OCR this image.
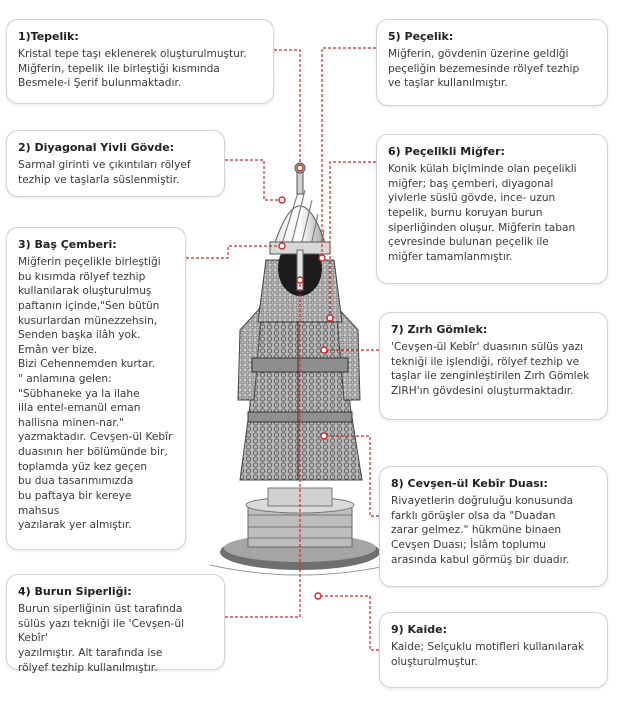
1)Tepelik:
Kristal tepe taşı eklenerek oluşturulmuştur.
Miğferin, tepelik ile birleştiği kısmında
Besmele-i Şerif bulunmaktadır.
2) Diyagonal Yivli Gövde:
Sarmal girinti ve çıkıntıları rölyef
tezhip ve taşlarla süslenmiştir.
3) Baş Çemberi:
Miğferin peçelikle birleştiği
bu kısımda rölyef tezhip
kullanılarak oluşturulmuş
paftanın içinde,"Sen bütün
kusurlardan münezzehsin,
Senden başka ilâh yok.
Emân ver bize.
Bizi Cehennemden kurtar.
" anlamına gelen:
"Sübhaneke ya la ilahe
illa entel-emanül eman
hallisna minen-nar."
yazmaktadır. Cevşen-ül Kebîr
duasının her bölümünde bir,
toplamda yüz kez geçen
bu dua tasarımımızda
bu paftaya bir kereye mahsus
yazılarak yer almıştır.
4) Burun Siperliği:
Burun siperliğinin üst tarafında
sülüs yazı tekniği ile 'Cevşen-ül Kebîr'
yazılmıştır. Alt tarafında ise
rölyef tezhip kullanılmıştır.
5) Peçelik:
Miğferin, gövdenin üzerine geldiği
peçeliğin bezemesinde rölyef tezhip
ve taşlar kullanılmıştır.
6) Peçelikli Miğfer:
Konik külah biçiminde olan peçelikli
miğfer; baş çemberi, diyagonal
yivlerle süslü gövde, ince- uzun
tepelik, burnu koruyan burun
siperliğinden oluşur. Miğferin taban
çevresinde bulunan peçelik ile
miğfer tamamlanmıştır.
7) Zırh Gömlek:
'Cevşen-ül Kebîr' duasının sülüs yazı
tekniği ile işlendiği, rölyef tezhip ve
taşlar ile zenginleştirilen Zırh Gömlek
ZIRH'ın gövdesini oluşturmaktadır.
8) Cevşen-ül Kebîr Duası:
Rivayetlerin doğruluğu konusunda
farklı görüşler olsa da "Duadan
zarar gelmez." hükmüne binaen
Cevşen Duası; İslâm toplumu
arasında kabul görmüş bir duadır.
9) Kaide:
Kaide; Selçuklu motifleri kullanılarak
oluşturulmuştur.
